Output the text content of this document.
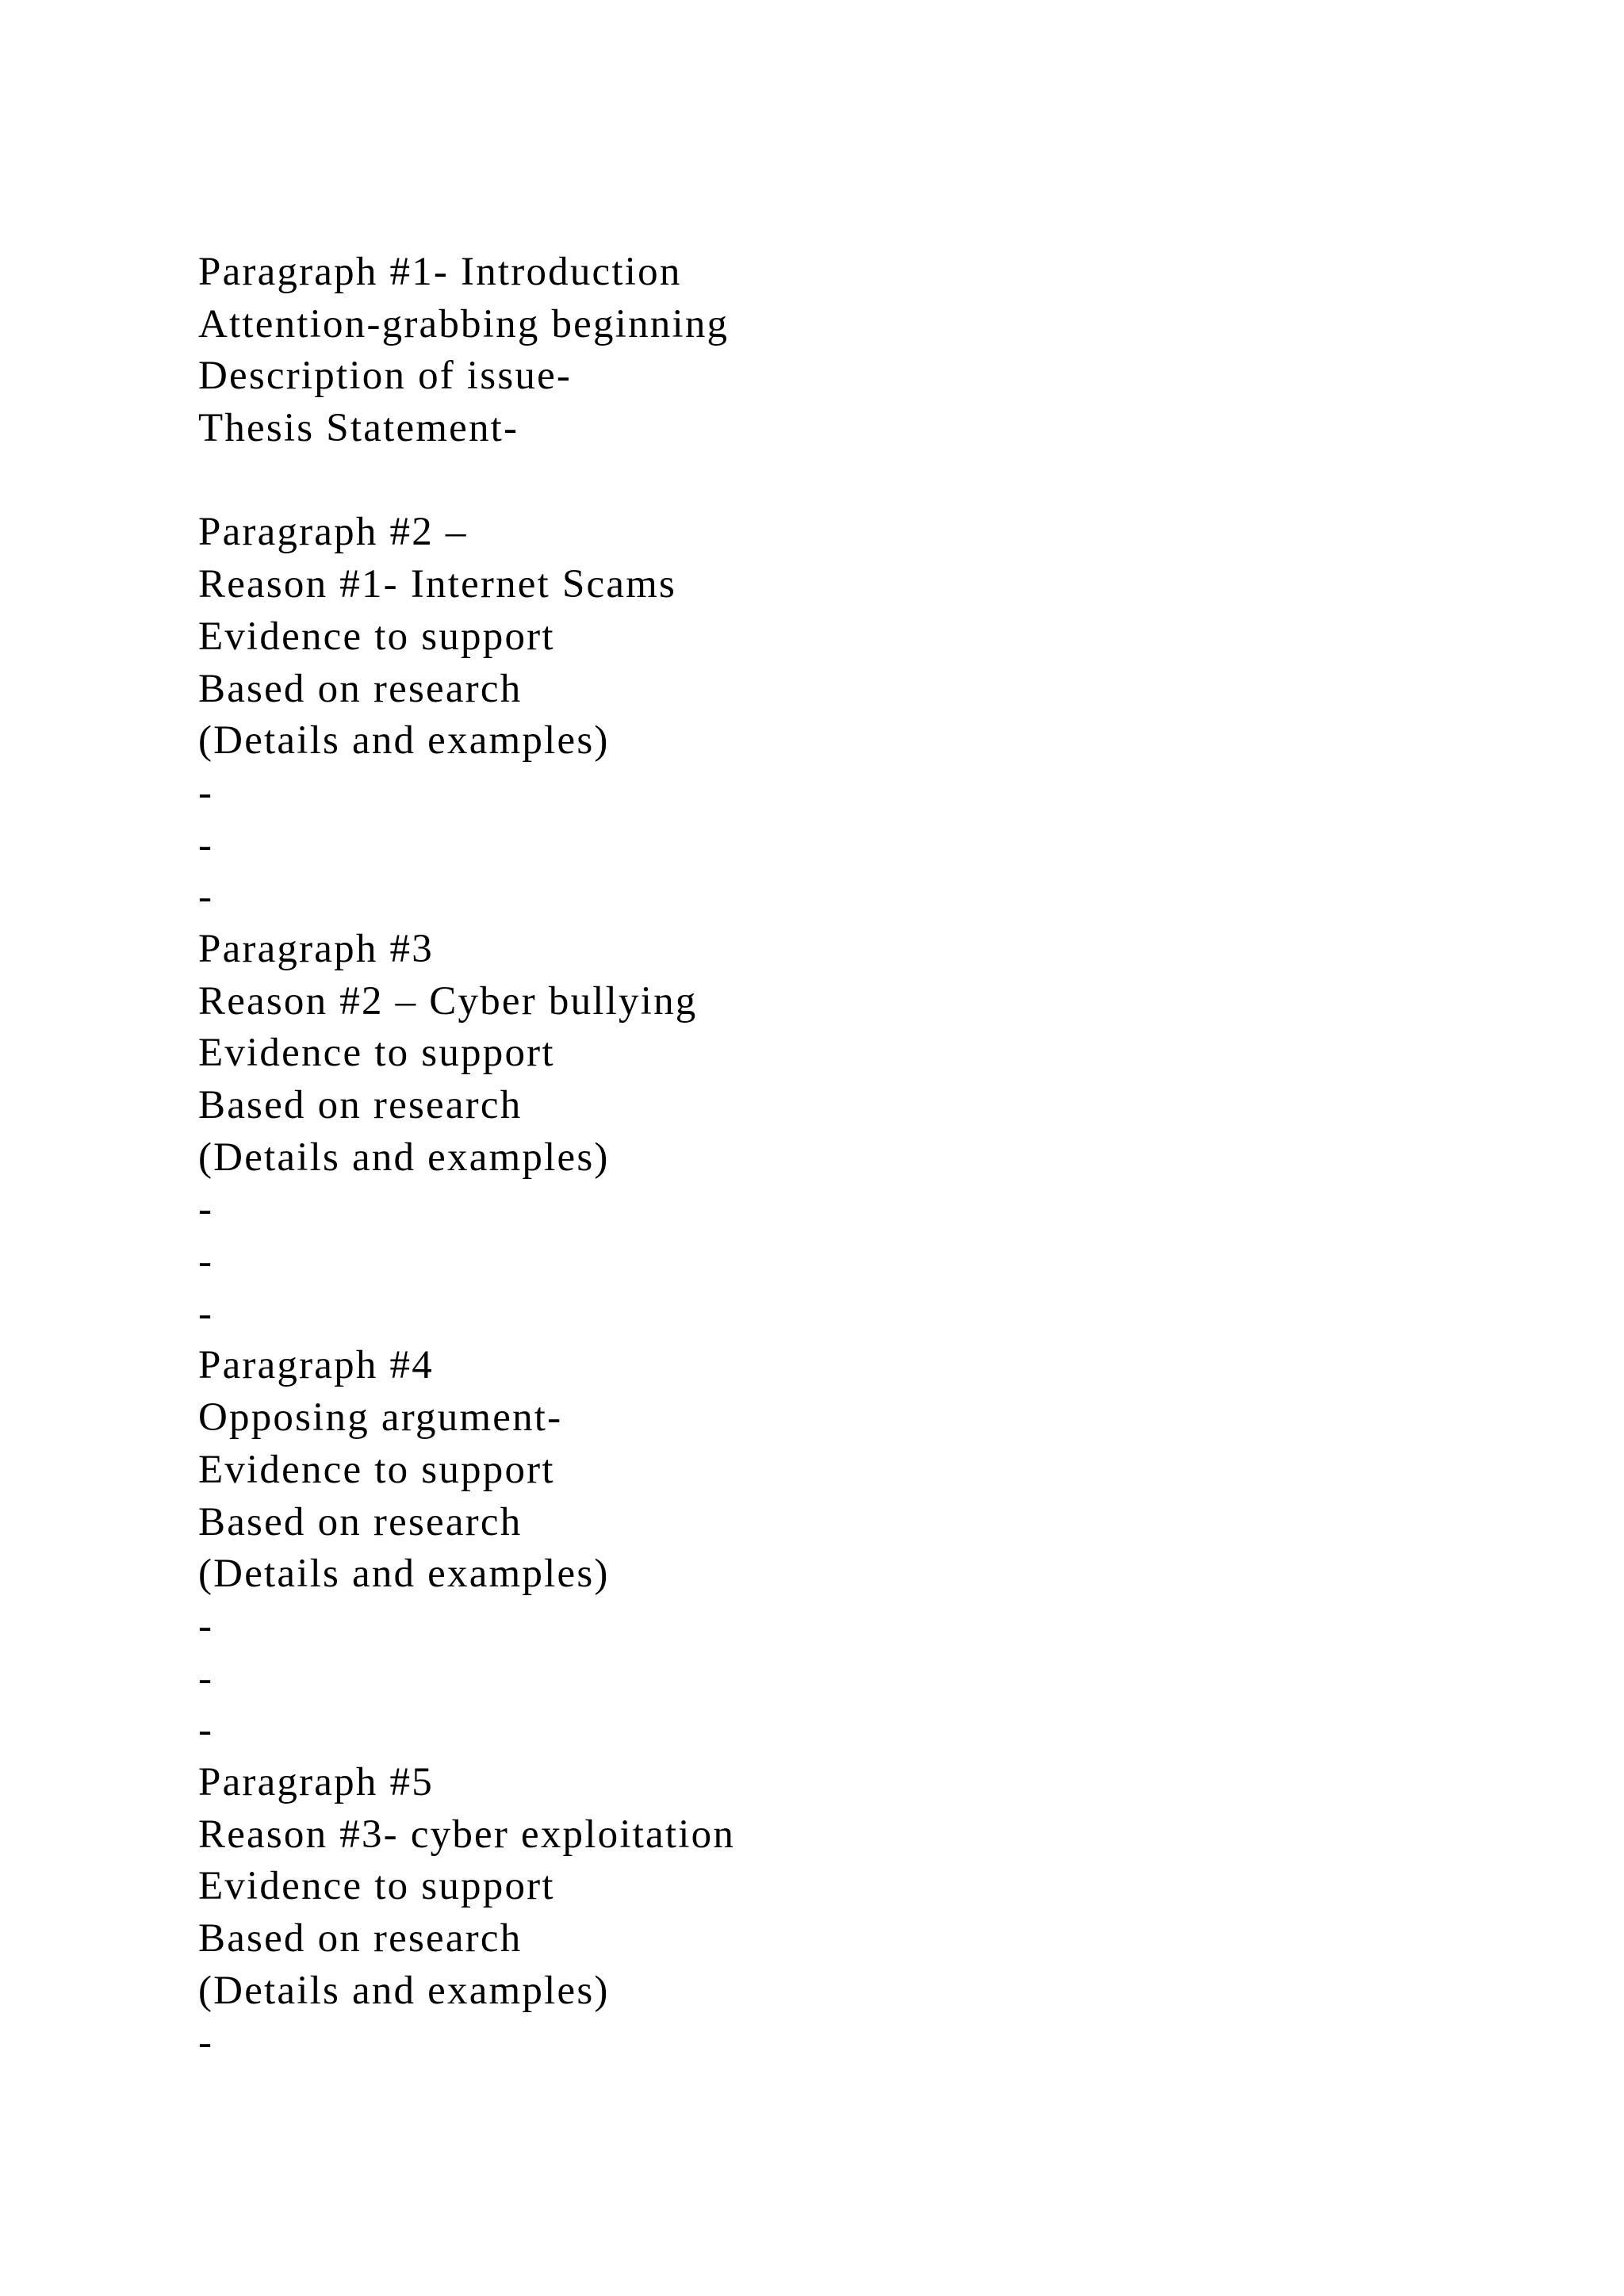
Paragraph #1- Introduction
Attention-grabbing beginning
Description of issue-
Thesis Statement-
Paragraph #2 –
Reason #1- Internet Scams
Evidence to support
Based on research
(Details and examples)
-
-
-
Paragraph #3
Reason #2 – Cyber bullying
Evidence to support
Based on research
(Details and examples)
-
-
-
Paragraph #4
Opposing argument-
Evidence to support
Based on research
(Details and examples)
-
-
-
Paragraph #5
Reason #3- cyber exploitation
Evidence to support
Based on research
(Details and examples)
-
